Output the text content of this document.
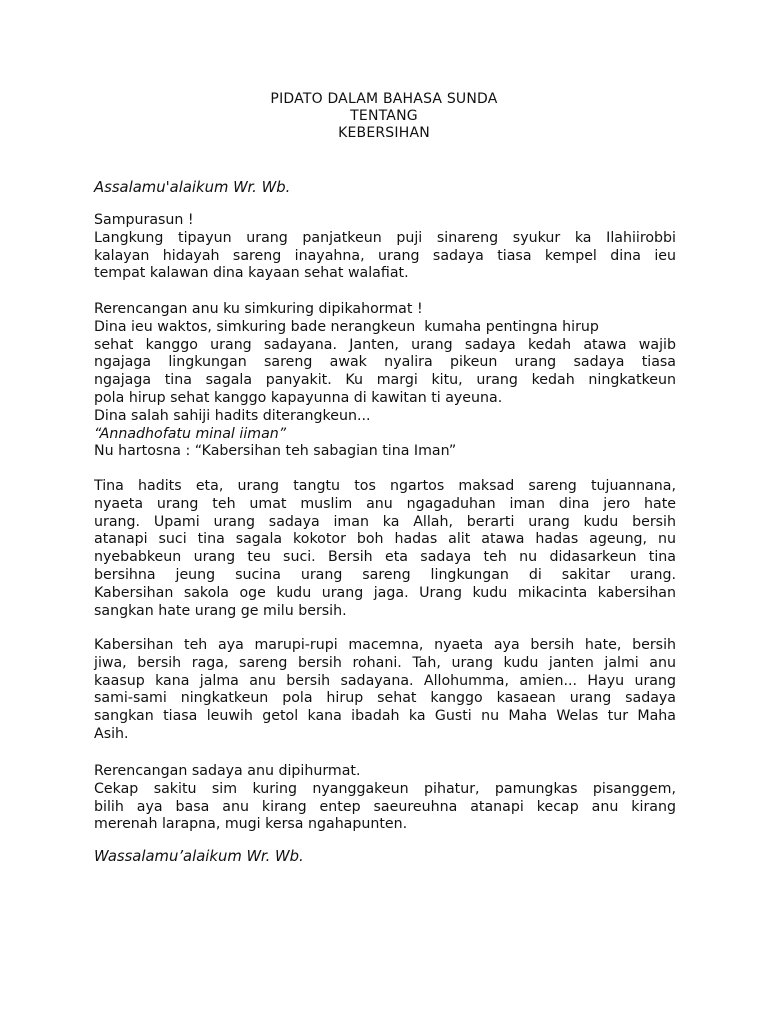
PIDATO DALAM BAHASA SUNDA
TENTANG
KEBERSIHAN
Assalamu'alaikum Wr. Wb.
Sampurasun !
Langkung tipayun urang panjatkeun puji sinareng syukur ka Ilahiirobbi
kalayan hidayah sareng inayahna, urang sadaya tiasa kempel dina ieu
tempat kalawan dina kayaan sehat walafiat.
Rerencangan anu ku simkuring dipikahormat !
Dina ieu waktos, simkuring bade nerangkeun  kumaha pentingna hirup
sehat kanggo urang sadayana. Janten, urang sadaya kedah atawa wajib
ngajaga lingkungan sareng awak nyalira pikeun urang sadaya tiasa
ngajaga tina sagala panyakit. Ku margi kitu, urang kedah ningkatkeun
pola hirup sehat kanggo kapayunna di kawitan ti ayeuna.
Dina salah sahiji hadits diterangkeun...
“Annadhofatu minal iiman”
Nu hartosna : “Kabersihan teh sabagian tina Iman”
Tina hadits eta, urang tangtu tos ngartos maksad sareng tujuannana,
nyaeta urang teh umat muslim anu ngagaduhan iman dina jero hate
urang. Upami urang sadaya iman ka Allah, berarti urang kudu bersih
atanapi suci tina sagala kokotor boh hadas alit atawa hadas ageung, nu
nyebabkeun urang teu suci. Bersih eta sadaya teh nu didasarkeun tina
bersihna jeung sucina urang sareng lingkungan di sakitar urang.
Kabersihan sakola oge kudu urang jaga. Urang kudu mikacinta kabersihan
sangkan hate urang ge milu bersih.
Kabersihan teh aya marupi-rupi macemna, nyaeta aya bersih hate, bersih
jiwa, bersih raga, sareng bersih rohani. Tah, urang kudu janten jalmi anu
kaasup kana jalma anu bersih sadayana. Allohumma, amien... Hayu urang
sami-sami ningkatkeun pola hirup sehat kanggo kasaean urang sadaya
sangkan tiasa leuwih getol kana ibadah ka Gusti nu Maha Welas tur Maha
Asih.
Rerencangan sadaya anu dipihurmat.
Cekap sakitu sim kuring nyanggakeun pihatur, pamungkas pisanggem,
bilih aya basa anu kirang entep saeureuhna atanapi kecap anu kirang
merenah larapna, mugi kersa ngahapunten.
Wassalamu’alaikum Wr. Wb.
